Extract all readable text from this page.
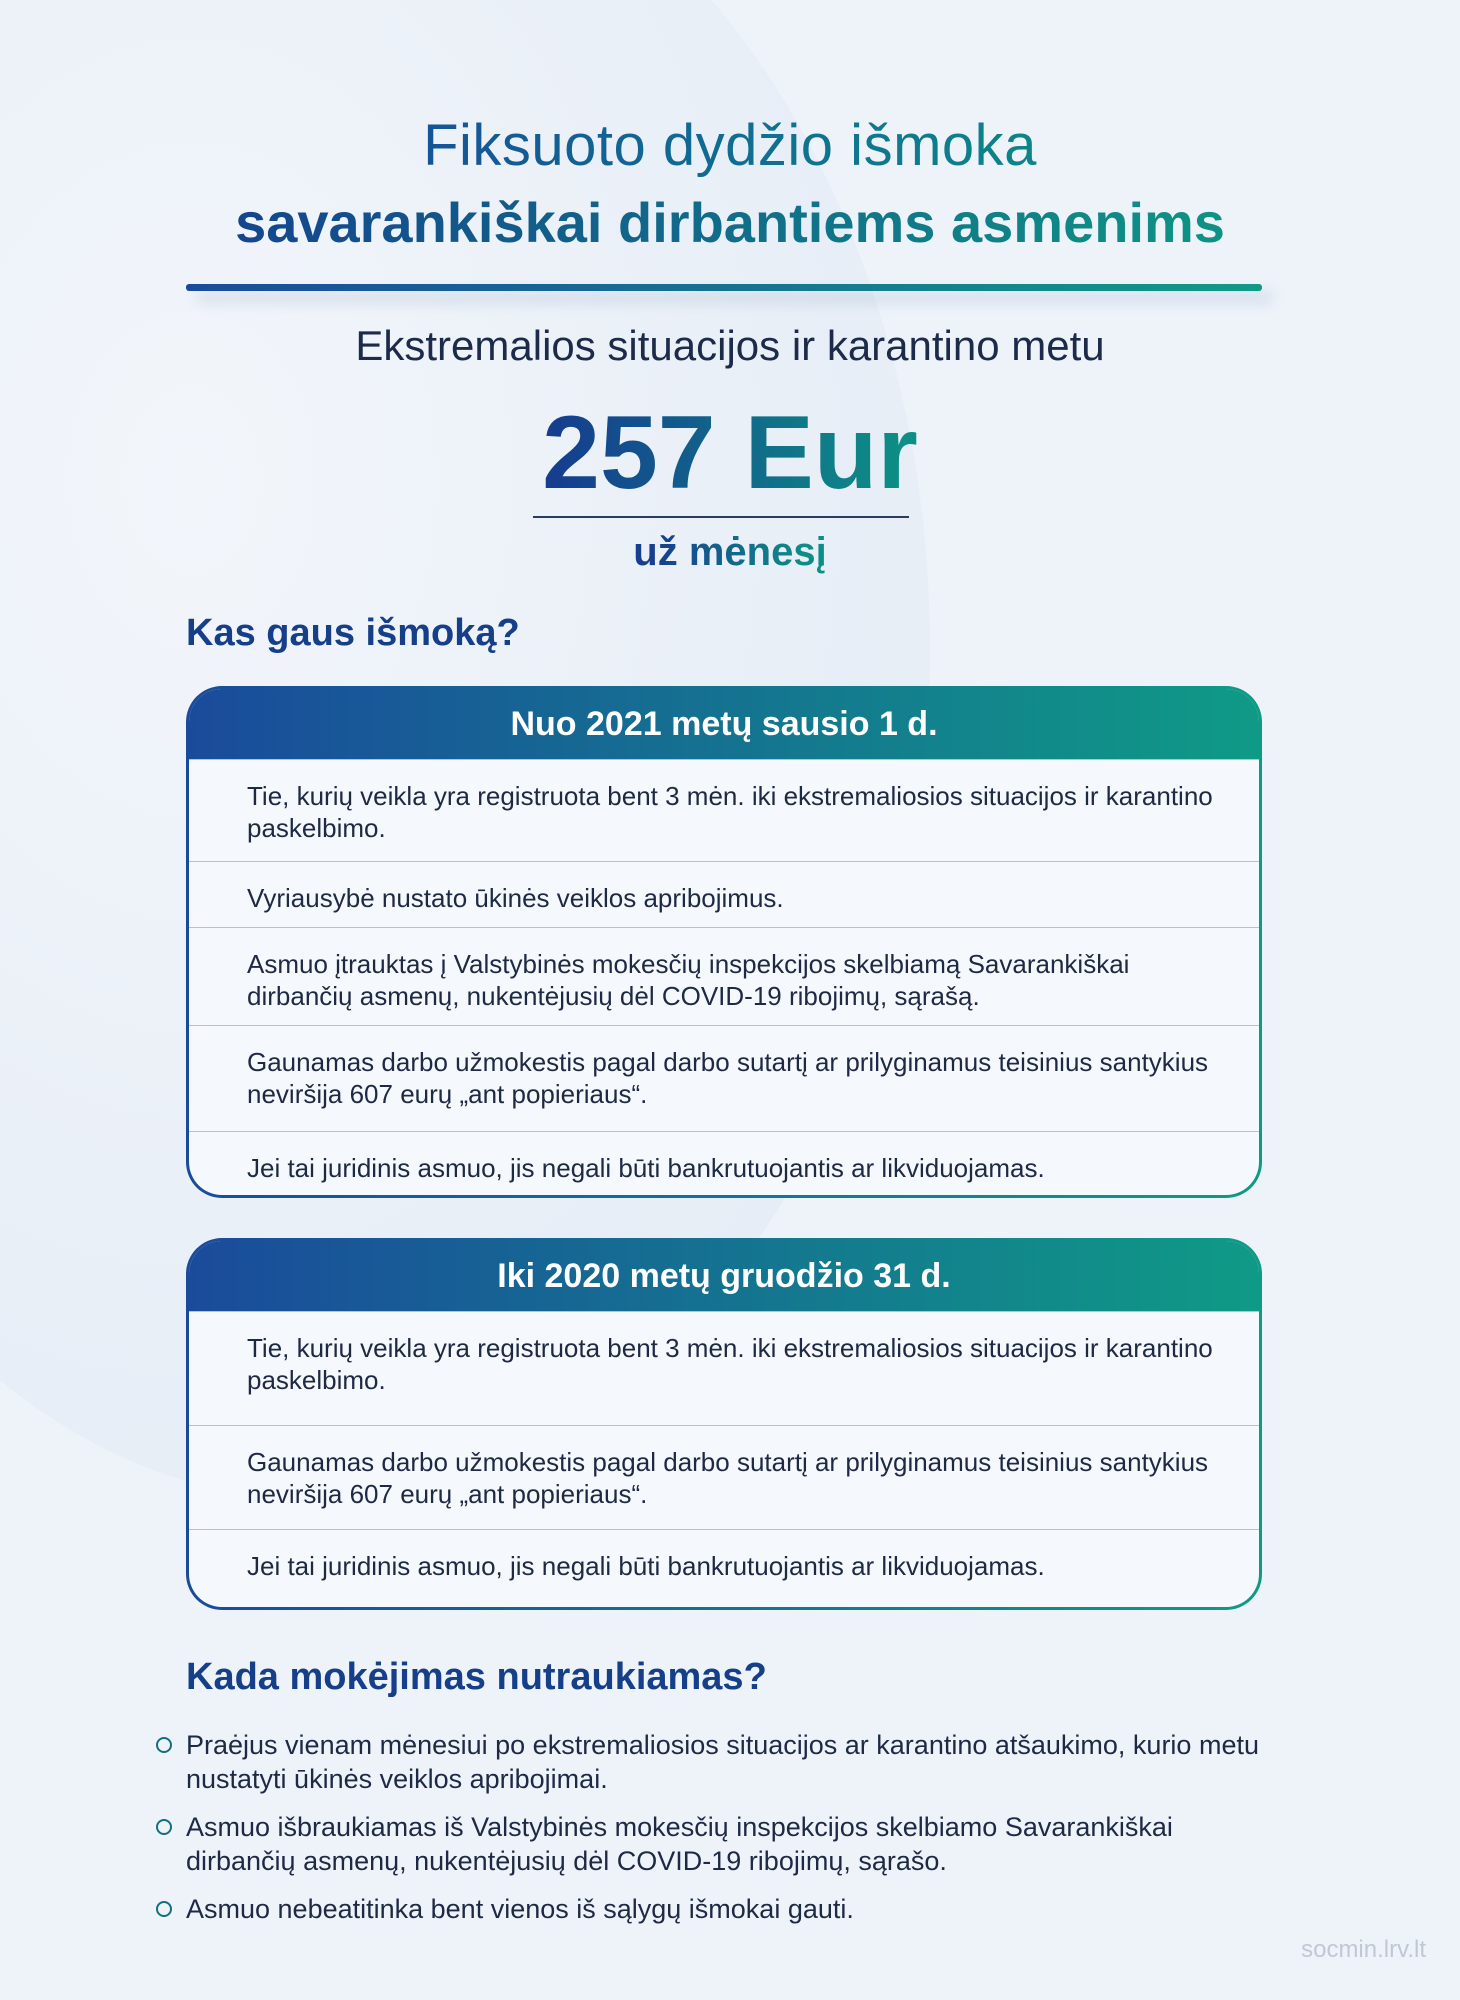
Fiksuoto dydžio išmoka
savarankiškai dirbantiems asmenims
Ekstremalios situacijos ir karantino metu
257 Eur
už mėnesį
Kas gaus išmoką?
Nuo 2021 metų sausio 1 d.
Tie, kurių veikla yra registruota bent 3 mėn. iki ekstremaliosios situacijos ir karantino paskelbimo.
Vyriausybė nustato ūkinės veiklos apribojimus.
Asmuo įtrauktas į Valstybinės mokesčių inspekcijos skelbiamą Savarankiškai dirbančių asmenų, nukentėjusių dėl COVID-19 ribojimų, sąrašą.
Gaunamas darbo užmokestis pagal darbo sutartį ar prilyginamus teisinius santykius neviršija 607 eurų „ant popieriaus“.
Jei tai juridinis asmuo, jis negali būti bankrutuojantis ar likviduojamas.
Iki 2020 metų gruodžio 31 d.
Tie, kurių veikla yra registruota bent 3 mėn. iki ekstremaliosios situacijos ir karantino paskelbimo.
Gaunamas darbo užmokestis pagal darbo sutartį ar prilyginamus teisinius santykius neviršija 607 eurų „ant popieriaus“.
Jei tai juridinis asmuo, jis negali būti bankrutuojantis ar likviduojamas.
Kada mokėjimas nutraukiamas?
Praėjus vienam mėnesiui po ekstremaliosios situacijos ar karantino atšaukimo, kurio metu nustatyti ūkinės veiklos apribojimai.
Asmuo išbraukiamas iš Valstybinės mokesčių inspekcijos skelbiamo Savarankiškai dirbančių asmenų, nukentėjusių dėl COVID-19 ribojimų, sąrašo.
Asmuo nebeatitinka bent vienos iš sąlygų išmokai gauti.
socmin.lrv.lt
